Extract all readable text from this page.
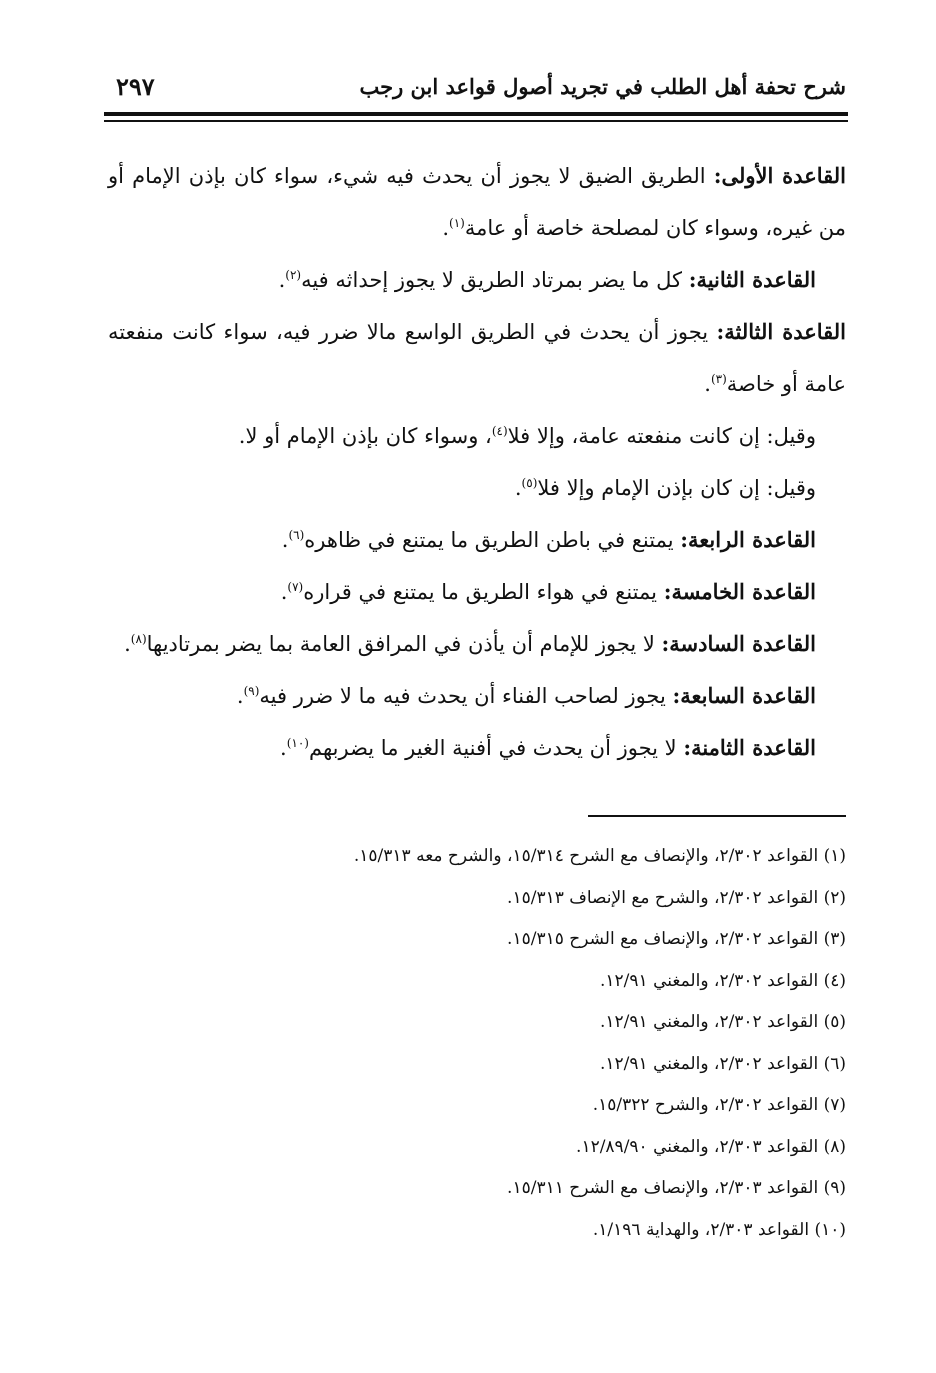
شرح تحفة أهل الطلب في تجريد أصول قواعد ابن رجب
٢٩٧

القاعدة الأولى: الطريق الضيق لا يجوز أن يحدث فيه شيء، سواء كان بإذن الإمام أو من غيره، وسواء كان لمصلحة خاصة أو عامة$^{(١)}$.

القاعدة الثانية: كل ما يضر بمرتاد الطريق لا يجوز إحداثه فيه$^{(٢)}$.

القاعدة الثالثة: يجوز أن يحدث في الطريق الواسع مالا ضرر فيه، سواء كانت منفعته عامة أو خاصة$^{(٣)}$.

وقيل: إن كانت منفعته عامة، وإلا فلا$^{(٤)}$، وسواء كان بإذن الإمام أو لا.

وقيل: إن كان بإذن الإمام وإلا فلا$^{(٥)}$.

القاعدة الرابعة: يمتنع في باطن الطريق ما يمتنع في ظاهره$^{(٦)}$.

القاعدة الخامسة: يمتنع في هواء الطريق ما يمتنع في قراره$^{(٧)}$.

القاعدة السادسة: لا يجوز للإمام أن يأذن في المرافق العامة بما يضر بمرتاديها$^{(٨)}$.

القاعدة السابعة: يجوز لصاحب الفناء أن يحدث فيه ما لا ضرر فيه$^{(٩)}$.

القاعدة الثامنة: لا يجوز أن يحدث في أفنية الغير ما يضربهم$^{(١٠)}$.

(١) القواعد ٢/٣٠٢، والإنصاف مع الشرح ١٥/٣١٤، والشرح معه ١٥/٣١٣.

(٢) القواعد ٢/٣٠٢، والشرح مع الإنصاف ١٥/٣١٣.

(٣) القواعد ٢/٣٠٢، والإنصاف مع الشرح ١٥/٣١٥.

(٤) القواعد ٢/٣٠٢، والمغني ١٢/٩١.

(٥) القواعد ٢/٣٠٢، والمغني ١٢/٩١.

(٦) القواعد ٢/٣٠٢، والمغني ١٢/٩١.

(٧) القواعد ٢/٣٠٢، والشرح ١٥/٣٢٢.

(٨) القواعد ٢/٣٠٣، والمغني ١٢/٨٩/٩٠.

(٩) القواعد ٢/٣٠٣، والإنصاف مع الشرح ١٥/٣١١.

(١٠) القواعد ٢/٣٠٣، والهداية ١/١٩٦.
